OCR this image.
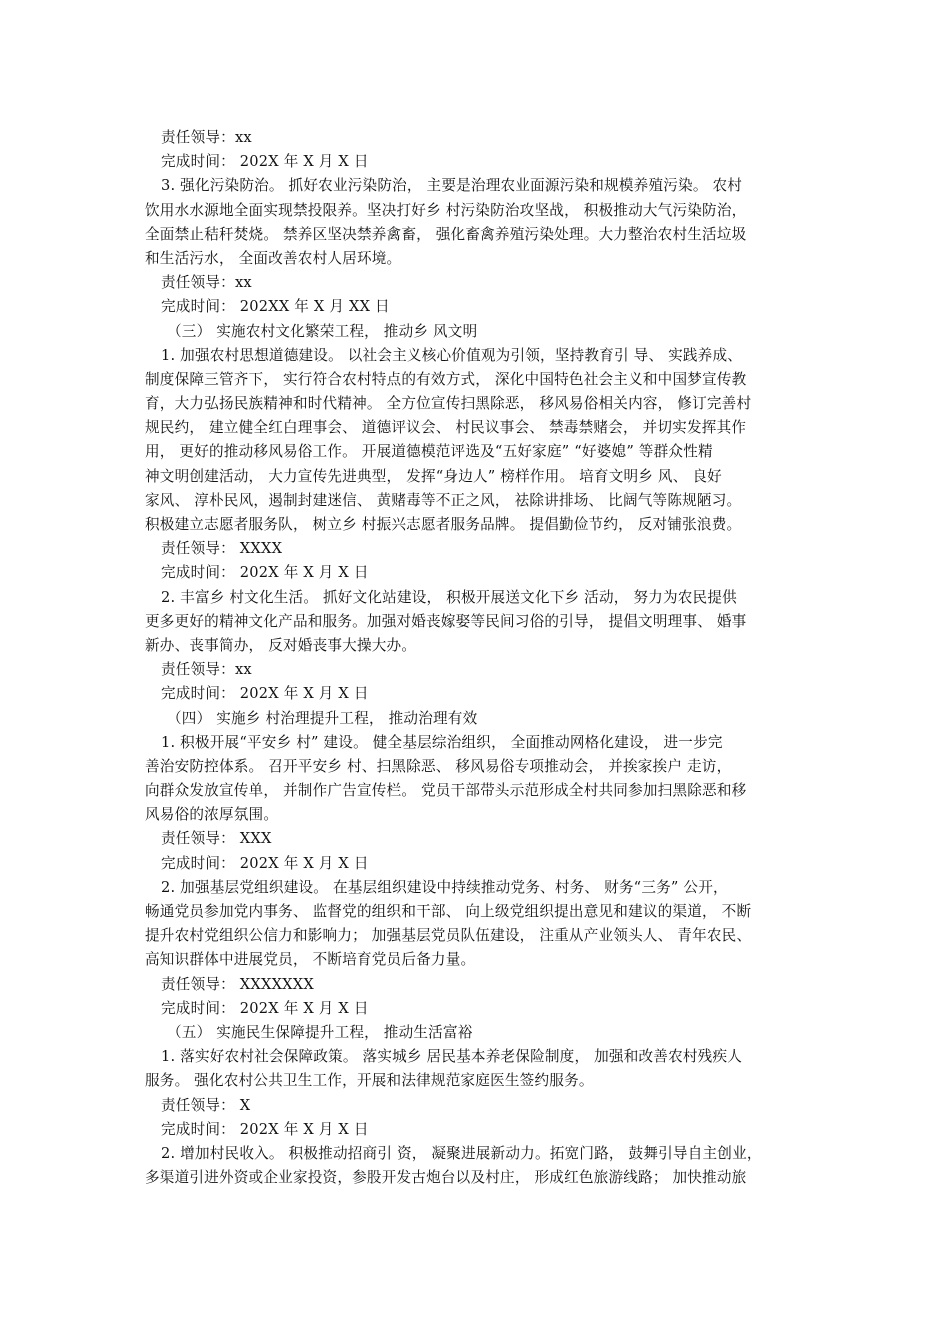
责任领导：xx
完成时间： 202X 年 X 月 X 日
3. 强化污染防治。 抓好农业污染防治， 主要是治理农业面源污染和规模养殖污染。 农村
饮用水水源地全面实现禁投限养。坚决打好乡 村污染防治攻坚战， 积极推动大气污染防治，
全面禁止秸秆焚烧。 禁养区坚决禁养禽畜， 强化畜禽养殖污染处理。大力整治农村生活垃圾
和生活污水， 全面改善农村人居环境。
责任领导：xx
完成时间： 202XX 年 X 月 XX 日
（三） 实施农村文化繁荣工程， 推动乡 风文明
1. 加强农村思想道德建设。 以社会主义核心价值观为引领，坚持教育引 导、 实践养成、
制度保障三管齐下， 实行符合农村特点的有效方式， 深化中国特色社会主义和中国梦宣传教
育，大力弘扬民族精神和时代精神。 全方位宣传扫黑除恶， 移风易俗相关内容， 修订完善村
规民约， 建立健全红白理事会、 道德评议会、 村民议事会、 禁毒禁赌会， 并切实发挥其作
用， 更好的推动移风易俗工作。 开展道德模范评选及“五好家庭” “好婆媳” 等群众性精
神文明创建活动， 大力宣传先进典型， 发挥“身边人” 榜样作用。 培育文明乡 风、 良好
家风、 淳朴民风，遏制封建迷信、 黄赌毒等不正之风， 祛除讲排场、 比阔气等陈规陋习。
积极建立志愿者服务队， 树立乡 村振兴志愿者服务品牌。 提倡勤俭节约， 反对铺张浪费。
责任领导： XXXX
完成时间： 202X 年 X 月 X 日
2. 丰富乡 村文化生活。 抓好文化站建设， 积极开展送文化下乡 活动， 努力为农民提供
更多更好的精神文化产品和服务。加强对婚丧嫁娶等民间习俗的引导， 提倡文明理事、 婚事
新办、丧事简办， 反对婚丧事大操大办。
责任领导：xx
完成时间： 202X 年 X 月 X 日
（四） 实施乡 村治理提升工程， 推动治理有效
1. 积极开展“平安乡 村” 建设。 健全基层综治组织， 全面推动网格化建设， 进一步完
善治安防控体系。 召开平安乡 村、扫黑除恶、 移风易俗专项推动会， 并挨家挨户 走访，
向群众发放宣传单， 并制作广告宣传栏。 党员干部带头示范形成全村共同参加扫黑除恶和移
风易俗的浓厚氛围。
责任领导： XXX
完成时间： 202X 年 X 月 X 日
2. 加强基层党组织建设。 在基层组织建设中持续推动党务、村务、 财务“三务” 公开，
畅通党员参加党内事务、 监督党的组织和干部、 向上级党组织提出意见和建议的渠道， 不断
提升农村党组织公信力和影响力； 加强基层党员队伍建设， 注重从产业领头人、 青年农民、
高知识群体中进展党员， 不断培育党员后备力量。
责任领导： XXXXXXX
完成时间： 202X 年 X 月 X 日
（五） 实施民生保障提升工程， 推动生活富裕
1. 落实好农村社会保障政策。 落实城乡 居民基本养老保险制度， 加强和改善农村残疾人
服务。 强化农村公共卫生工作，开展和法律规范家庭医生签约服务。
责任领导： X
完成时间： 202X 年 X 月 X 日
2. 增加村民收入。 积极推动招商引 资， 凝聚进展新动力。拓宽门路， 鼓舞引导自主创业，
多渠道引进外资或企业家投资，参股开发古炮台以及村庄， 形成红色旅游线路； 加快推动旅
